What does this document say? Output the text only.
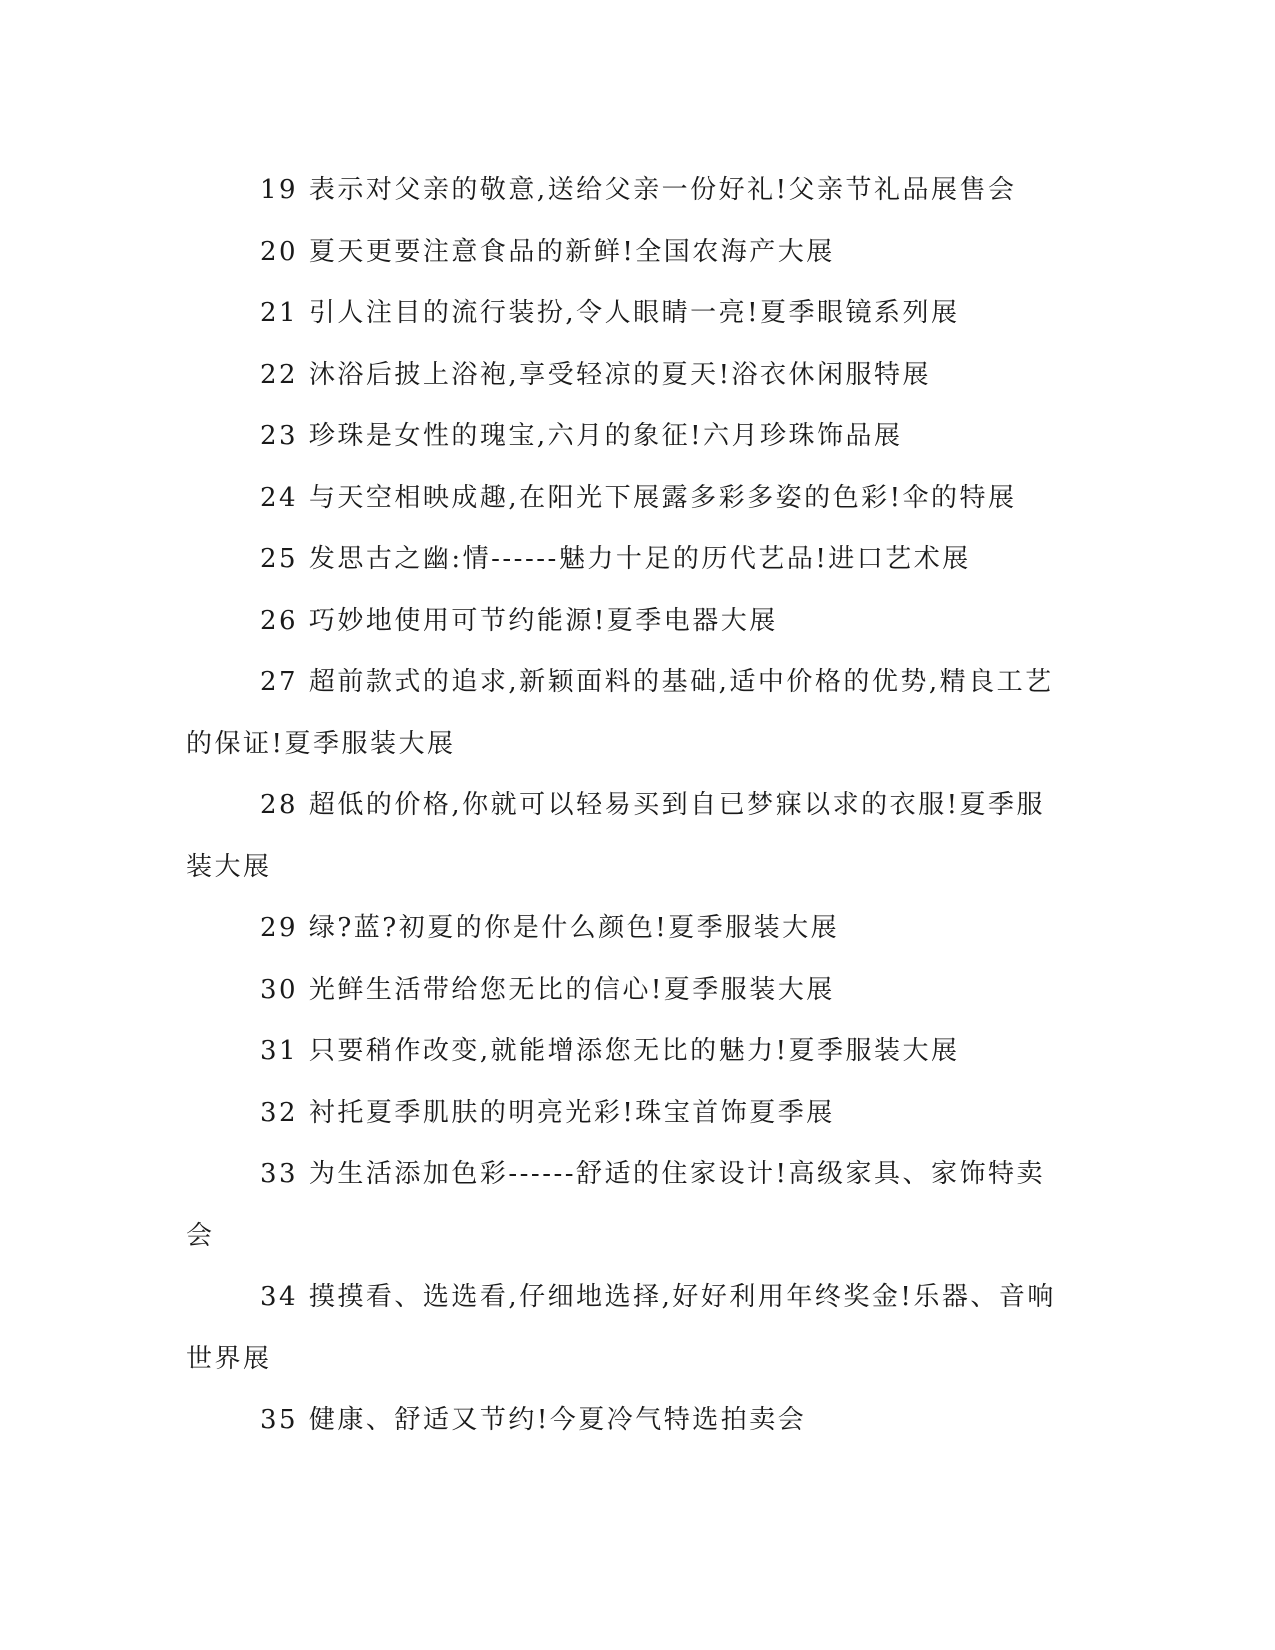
19 表示对父亲的敬意,送给父亲一份好礼!父亲节礼品展售会

20 夏天更要注意食品的新鲜!全国农海产大展

21 引人注目的流行装扮,令人眼睛一亮!夏季眼镜系列展

22 沐浴后披上浴袍,享受轻凉的夏天!浴衣休闲服特展

23 珍珠是女性的瑰宝,六月的象征!六月珍珠饰品展

24 与天空相映成趣,在阳光下展露多彩多姿的色彩!伞的特展

25 发思古之幽:情------魅力十足的历代艺品!进口艺术展

26 巧妙地使用可节约能源!夏季电器大展

27 超前款式的追求,新颖面料的基础,适中价格的优势,精良工艺的保证!夏季服装大展

28 超低的价格,你就可以轻易买到自已梦寐以求的衣服!夏季服装大展

29 绿?蓝?初夏的你是什么颜色!夏季服装大展

30 光鲜生活带给您无比的信心!夏季服装大展

31 只要稍作改变,就能增添您无比的魅力!夏季服装大展

32 衬托夏季肌肤的明亮光彩!珠宝首饰夏季展

33 为生活添加色彩------舒适的住家设计!高级家具、家饰特卖会

34 摸摸看、选选看,仔细地选择,好好利用年终奖金!乐器、音响世界展

35 健康、舒适又节约!今夏冷气特选拍卖会
